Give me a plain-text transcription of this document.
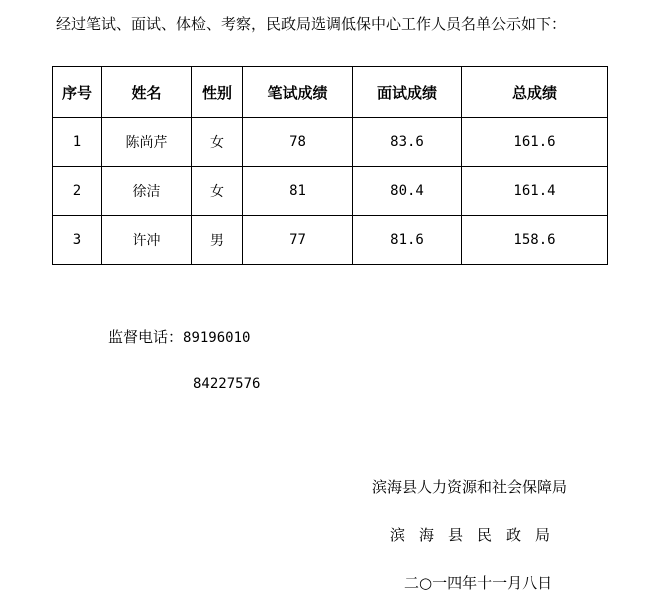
经过笔试、面试、体检、考察，民政局选调低保中心工作人员名单公示如下：
序号	姓名	性别	笔试成绩	面试成绩	总成绩
1	陈尚芹	女	78	83.6	161.6
2	徐洁	女	81	80.4	161.4
3	许冲	男	77	81.6	158.6
监督电话：89196010
84227576
滨海县人力资源和社会保障局
滨海县民政局
二○一四年十一月八日
